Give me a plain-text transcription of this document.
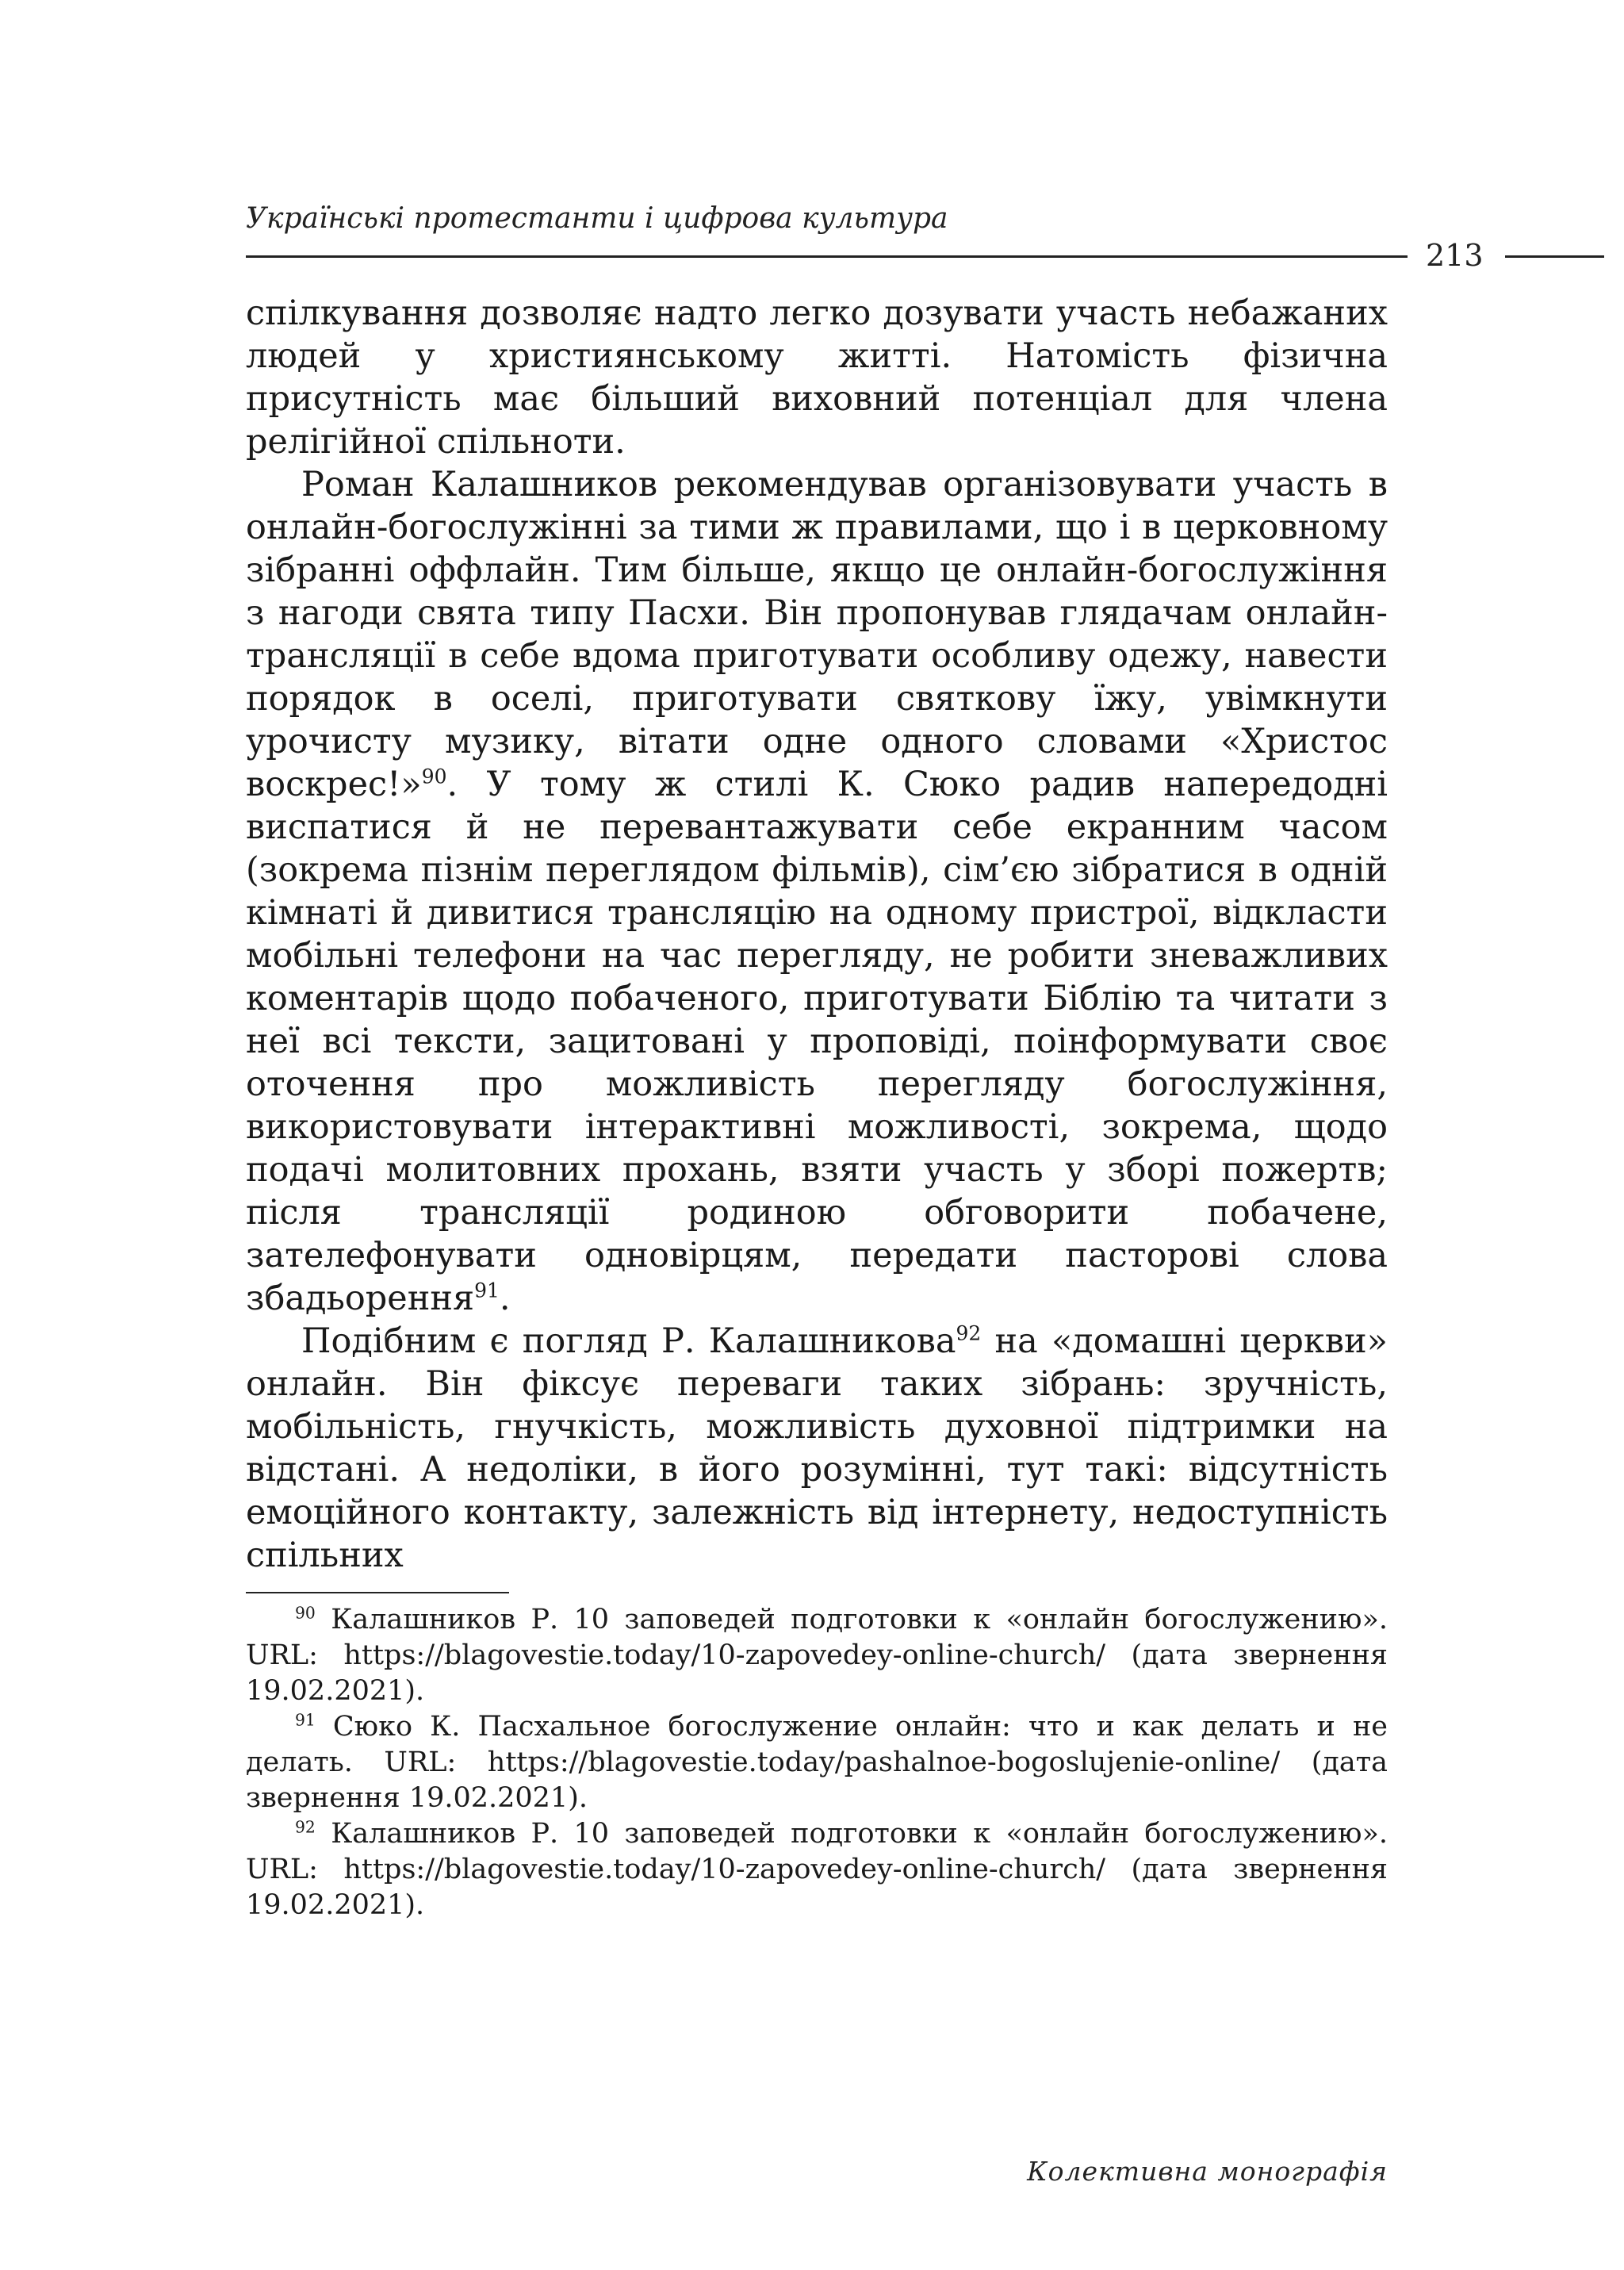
Українські протестанти і цифрова культура
213

спілкування дозволяє надто легко дозувати участь небажаних людей у християнському житті. Натомість фізична присутність має більший виховний потенціал для члена релігійної спільноти.

Роман Калашников рекомендував організовувати участь в онлайн-богослужінні за тими ж правилами, що і в церковному зібранні оффлайн. Тим більше, якщо це онлайн-богослужіння з нагоди свята типу Пасхи. Він пропонував глядачам онлайн-трансляції в себе вдома приготувати особливу одежу, навести порядок в оселі, приготувати святкову їжу, увімкнути урочисту музику, вітати одне одного словами «Христос воскрес!»$^{90}$. У тому ж стилі К. Сюко радив напередодні виспатися й не перевантажувати себе екранним часом (зокрема пізнім переглядом фільмів), сім’єю зібратися в одній кімнаті й дивитися трансляцію на одному пристрої, відкласти мобільні телефони на час перегляду, не робити зневажливих коментарів щодо побаченого, приготувати Біблію та читати з неї всі тексти, зацитовані у проповіді, поінформувати своє оточення про можливість перегляду богослужіння, використовувати інтерактивні можливості, зокрема, щодо подачі молитовних прохань, взяти участь у зборі пожертв; після трансляції родиною обговорити побачене, зателефонувати одновірцям, передати пасторові слова збадьорення$^{91}$.

Подібним є погляд Р. Калашникова$^{92}$ на «домашні церкви» онлайн. Він фіксує переваги таких зібрань: зручність, мобільність, гнучкість, можливість духовної підтримки на відстані. А недоліки, в його розумінні, тут такі: відсутність емоційного контакту, залежність від інтернету, недоступність спільних

$^{90}$ Калашников Р. 10 заповедей подготовки к «онлайн богослужению». URL: https://blagovestie.today/10-zapovedey-online-church/ (дата звернення 19.02.2021).

$^{91}$ Сюко К. Пасхальное богослужение онлайн: что и как делать и не делать. URL: https://blagovestie.today/pashalnoe-bogoslujenie-online/ (дата звернення 19.02.2021).

$^{92}$ Калашников Р. 10 заповедей подготовки к «онлайн богослужению». URL: https://blagovestie.today/10-zapovedey-online-church/ (дата звернення 19.02.2021).

Колективна монографія
